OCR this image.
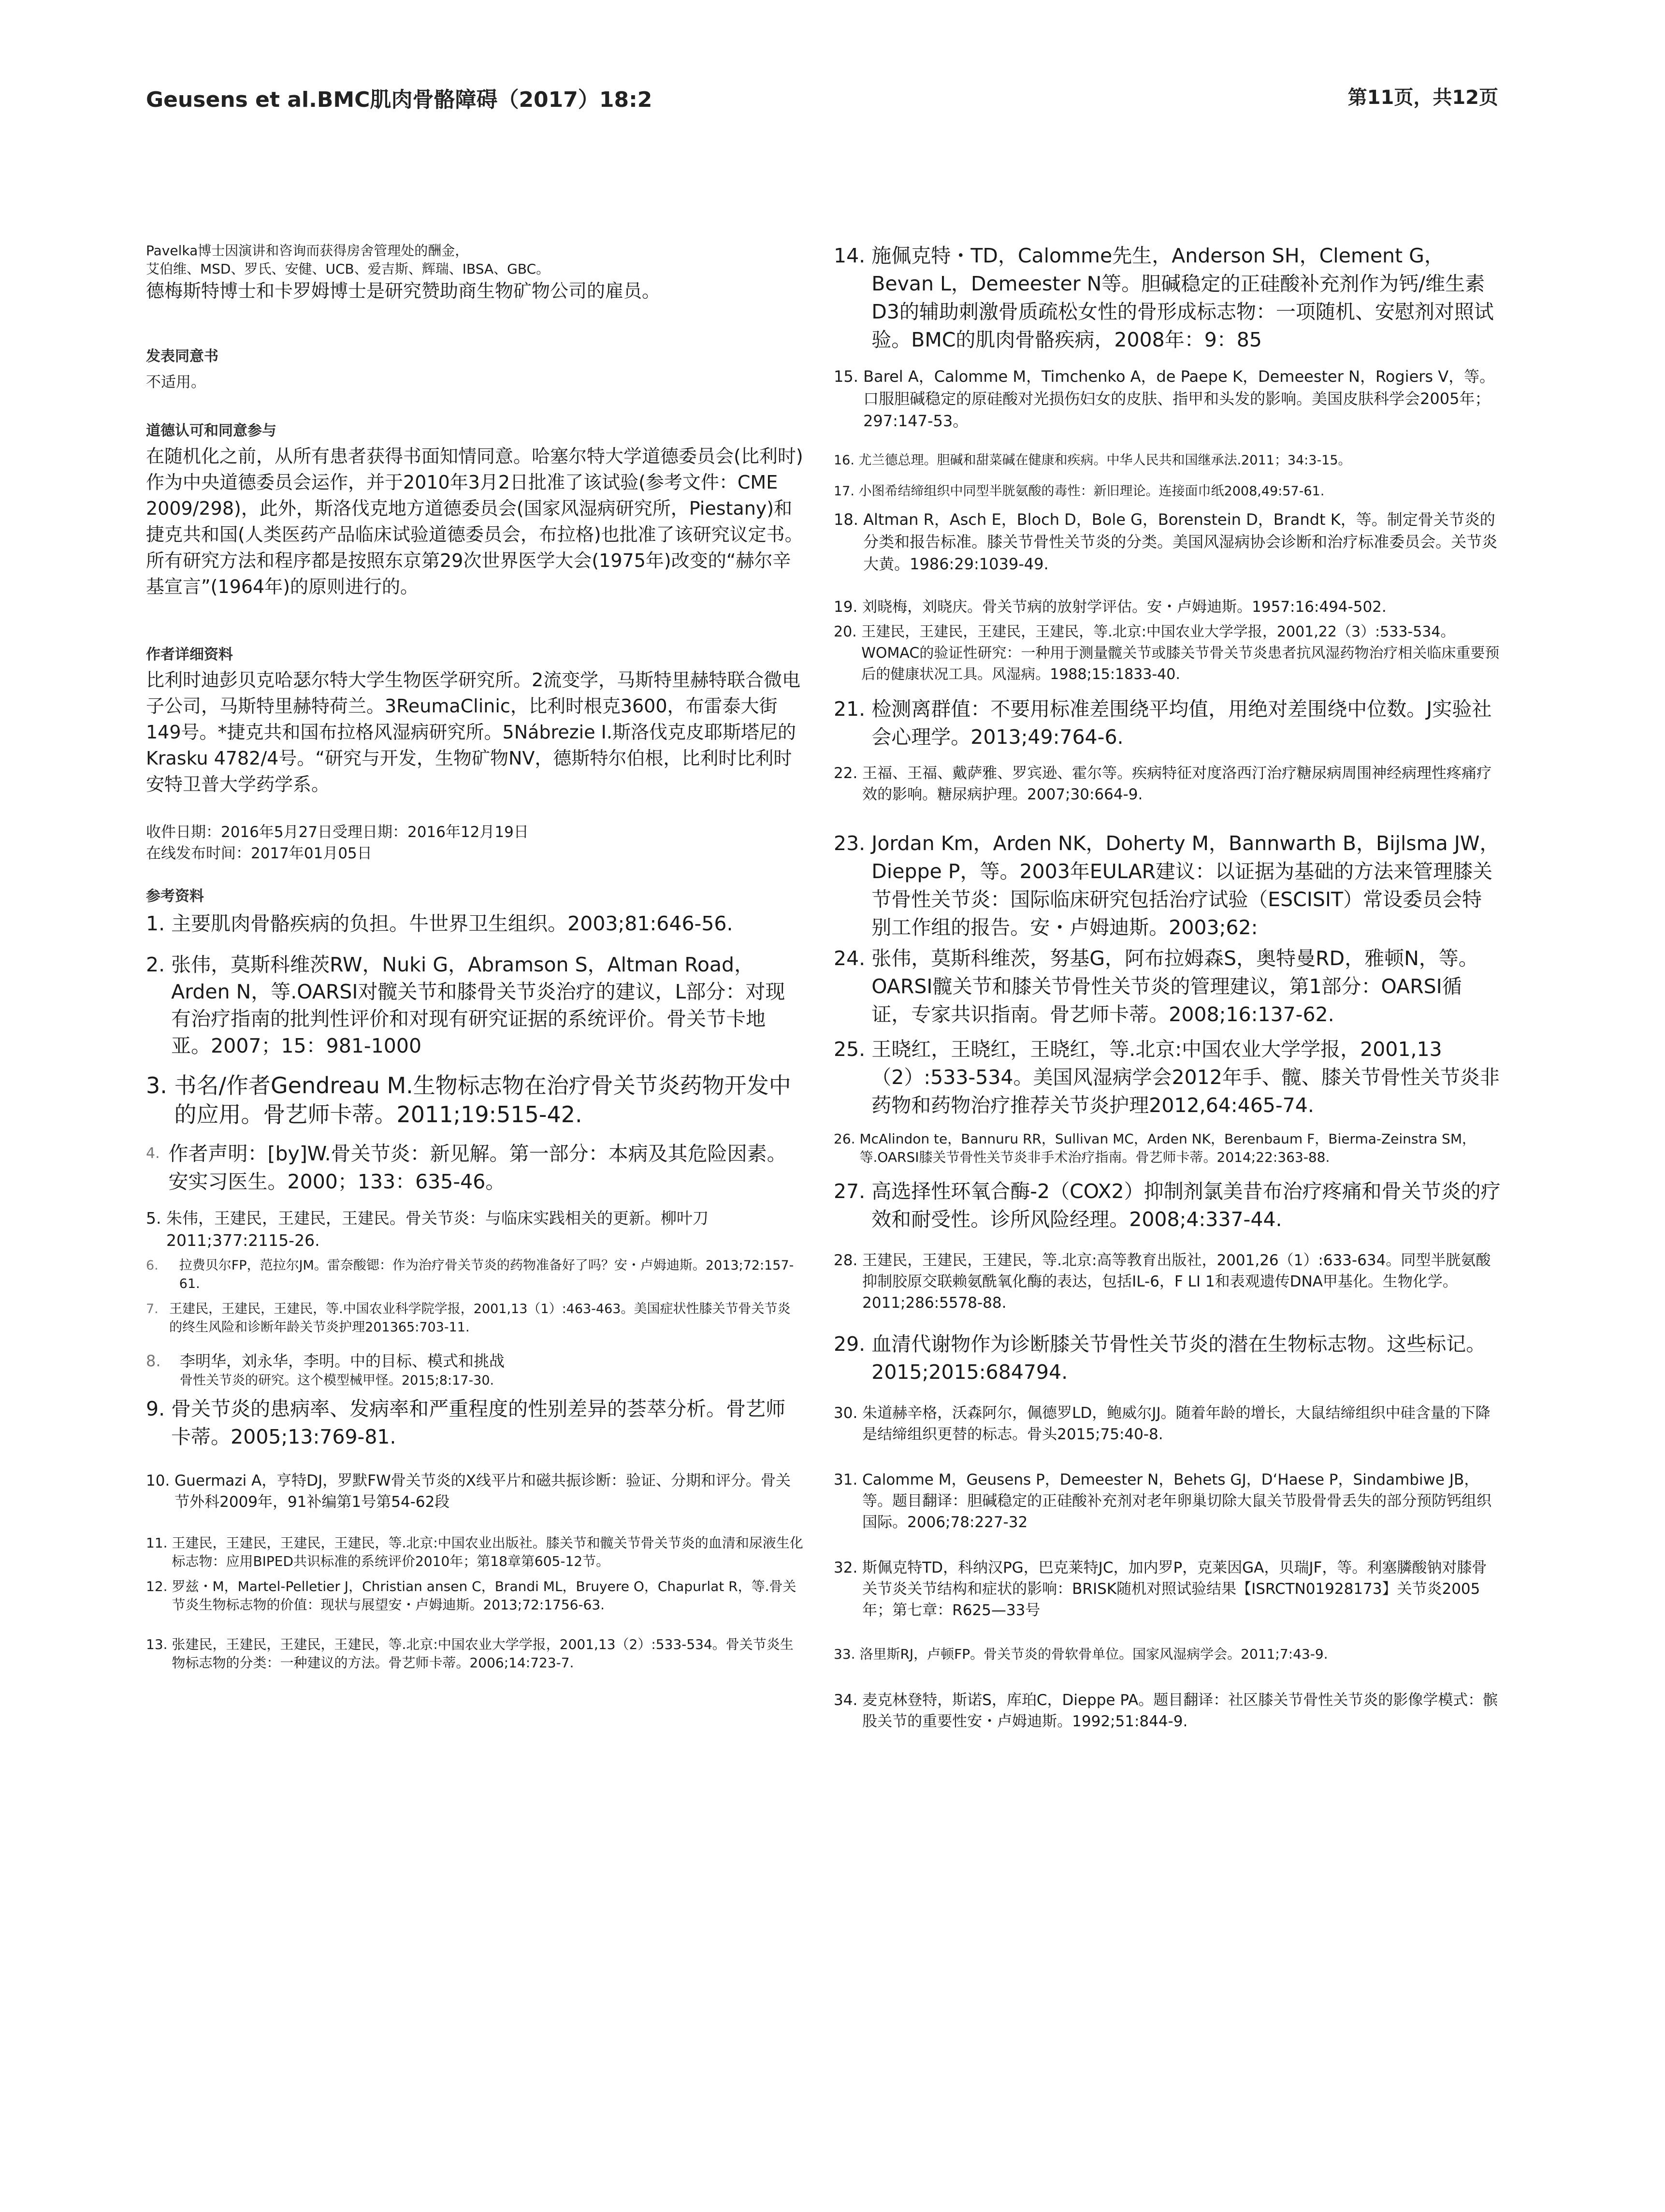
Geusens et al.BMC肌肉骨骼障碍（2017）18:2	第11页，共12页

Pavelka博士因演讲和咨询而获得房舍管理处的酬金，

艾伯维、MSD、罗氏、安健、UCB、爱吉斯、辉瑞、IBSA、GBC。

德梅斯特博士和卡罗姆博士是研究赞助商生物矿物公司的雇员。

发表同意书
不适用。
道德认可和同意参与
在随机化之前，从所有患者获得书面知情同意。哈塞尔特大学道德委员会(比利时)作为中央道德委员会运作，并于2010年3月2日批准了该试验(参考文件：CME 2009/298)，此外，斯洛伐克地方道德委员会(国家风湿病研究所，Piestany)和捷克共和国(人类医药产品临床试验道德委员会，布拉格)也批准了该研究议定书。所有研究方法和程序都是按照东京第29次世界医学大会(1975年)改变的“赫尔辛基宣言”(1964年)的原则进行的。
作者详细资料
比利时迪彭贝克哈瑟尔特大学生物医学研究所。2流变学，马斯特里赫特联合微电子公司，马斯特里赫特荷兰。3ReumaClinic，比利时根克3600，布雷泰大街149号。*捷克共和国布拉格风湿病研究所。5Nábrezie I.斯洛伐克皮耶斯塔尼的Krasku 4782/4号。“研究与开发，生物矿物NV，德斯特尔伯根，比利时比利时安特卫普大学药学系。
收件日期：2016年5月27日受理日期：2016年12月19日
在线发布时间：2017年01月05日
参考资料
1. 主要肌肉骨骼疾病的负担。牛世界卫生组织。2003;81:646-56.
2. 张伟，莫斯科维茨RW，Nuki G，Abramson S，Altman Road，Arden N，等.OARSI对髋关节和膝骨关节炎治疗的建议，L部分：对现有治疗指南的批判性评价和对现有研究证据的系统评价。骨关节卡地亚。2007；15：981-1000
3. 书名/作者Gendreau M.生物标志物在治疗骨关节炎药物开发中的应用。骨艺师卡蒂。2011;19:515-42.
4. 作者声明：[by]W.骨关节炎：新见解。第一部分：本病及其危险因素。安实习医生。2000；133：635-46。
5. 朱伟，王建民，王建民，王建民。骨关节炎：与临床实践相关的更新。柳叶刀2011;377:2115-26.
6.	拉费贝尔FP，范拉尔JM。雷奈酸锶：作为治疗骨关节炎的药物准备好了吗？安・卢姆迪斯。2013;72:157-61.
7. 王建民，王建民，王建民，等.中国农业科学院学报，2001,13（1）:463-463。美国症状性膝关节骨关节炎的终生风险和诊断年龄关节炎护理201365:703-11.
8.	李明华，刘永华，李明。中的目标、模式和挑战
骨性关节炎的研究。这个模型械甲怪。2015;8:17-30.
9. 骨关节炎的患病率、发病率和严重程度的性别差异的荟萃分析。骨艺师卡蒂。2005;13:769-81.
10. Guermazi A，亨特DJ，罗默FW骨关节炎的X线平片和磁共振诊断：验证、分期和评分。骨关节外科2009年，91补编第1号第54-62段
11. 王建民，王建民，王建民，王建民，等.北京:中国农业出版社。膝关节和髋关节骨关节炎的血清和尿液生化标志物：应用BIPED共识标准的系统评价2010年；第18章第605-12节。
12. 罗兹・M，Martel-Pelletier J，Christian ansen C，Brandi ML，Bruyere O，Chapurlat R，等.骨关节炎生物标志物的价值：现状与展望安・卢姆迪斯。2013;72:1756-63.
13. 张建民，王建民，王建民，王建民，等.北京:中国农业大学学报，2001,13（2）:533-534。骨关节炎生物标志物的分类：一种建议的方法。骨艺师卡蒂。2006;14:723-7.
14. 施佩克特・TD，Calomme先生，Anderson SH，Clement G，Bevan L，Demeester N等。胆碱稳定的正硅酸补充剂作为钙/维生素D3的辅助刺激骨质疏松女性的骨形成标志物：一项随机、安慰剂对照试验。BMC的肌肉骨骼疾病，2008年：9：85
15. Barel A，Calomme M，Timchenko A，de Paepe K，Demeester N，Rogiers V，等。口服胆碱稳定的原硅酸对光损伤妇女的皮肤、指甲和头发的影响。美国皮肤科学会2005年；297:147-53。
16. 尤兰德总理。胆碱和甜菜碱在健康和疾病。中华人民共和国继承法.2011；34:3-15。
17. 小图希结缔组织中同型半胱氨酸的毒性：新旧理论。连接面巾纸2008,49:57-61.
18. Altman R，Asch E，Bloch D，Bole G，Borenstein D，Brandt K，等。制定骨关节炎的分类和报告标准。膝关节骨性关节炎的分类。美国风湿病协会诊断和治疗标准委员会。关节炎大黄。1986:29:1039-49.
19. 刘晓梅，刘晓庆。骨关节病的放射学评估。安・卢姆迪斯。1957:16:494-502.
20. 王建民，王建民，王建民，王建民，等.北京:中国农业大学学报，2001,22（3）:533-534。WOMAC的验证性研究：一种用于测量髋关节或膝关节骨关节炎患者抗风湿药物治疗相关临床重要预后的健康状况工具。风湿病。1988;15:1833-40.
21. 检测离群值：不要用标准差围绕平均值，用绝对差围绕中位数。J实验社会心理学。2013;49:764-6.
22. 王福、王福、戴萨雅、罗宾逊、霍尔等。疾病特征对度洛西汀治疗糖尿病周围神经病理性疼痛疗效的影响。糖尿病护理。2007;30:664-9.
23. Jordan Km，Arden NK，Doherty M，Bannwarth B，Bijlsma JW，Dieppe P，等。2003年EULAR建议：以证据为基础的方法来管理膝关节骨性关节炎：国际临床研究包括治疗试验（ESCISIT）常设委员会特别工作组的报告。安・卢姆迪斯。2003;62:
24. 张伟，莫斯科维茨，努基G，阿布拉姆森S，奥特曼RD，雅顿N，等。OARSI髋关节和膝关节骨性关节炎的管理建议，第1部分：OARSI循证，专家共识指南。骨艺师卡蒂。2008;16:137-62.
25. 王晓红，王晓红，王晓红，等.北京:中国农业大学学报，2001,13（2）:533-534。美国风湿病学会2012年手、髋、膝关节骨性关节炎非药物和药物治疗推荐关节炎护理2012,64:465-74.
26. McAlindon te，Bannuru RR，Sullivan MC，Arden NK，Berenbaum F，Bierma-Zeinstra SM，等.OARSI膝关节骨性关节炎非手术治疗指南。骨艺师卡蒂。2014;22:363-88.
27. 高选择性环氧合酶-2（COX2）抑制剂氯美昔布治疗疼痛和骨关节炎的疗效和耐受性。诊所风险经理。2008;4:337-44.
28. 王建民，王建民，王建民，等.北京:高等教育出版社，2001,26（1）:633-634。同型半胱氨酸抑制胶原交联赖氨酰氧化酶的表达，包括IL-6，F LI 1和表观遗传DNA甲基化。生物化学。2011;286:5578-88.
29. 血清代谢物作为诊断膝关节骨性关节炎的潜在生物标志物。这些标记。2015;2015:684794.
30. 朱道赫辛格，沃森阿尔，佩德罗LD，鲍威尔JJ。随着年龄的增长，大鼠结缔组织中硅含量的下降是结缔组织更替的标志。骨头2015;75:40-8.
31. Calomme M，Geusens P，Demeester N，Behets GJ，D‘Haese P，Sindambiwe JB，等。题目翻译：胆碱稳定的正硅酸补充剂对老年卵巢切除大鼠关节股骨骨丢失的部分预防钙组织国际。2006;78:227-32
32. 斯佩克特TD，科纳汉PG，巴克莱特JC，加内罗P，克莱因GA，贝瑞JF，等。利塞膦酸钠对膝骨关节炎关节结构和症状的影响：BRISK随机对照试验结果【ISRCTN01928173】关节炎2005年；第七章：R625—33号
33. 洛里斯RJ，卢顿FP。骨关节炎的骨软骨单位。国家风湿病学会。2011;7:43-9.
34. 麦克林登特，斯诺S，库珀C，Dieppe PA。题目翻译：社区膝关节骨性关节炎的影像学模式：髌股关节的重要性安・卢姆迪斯。1992;51:844-9.
